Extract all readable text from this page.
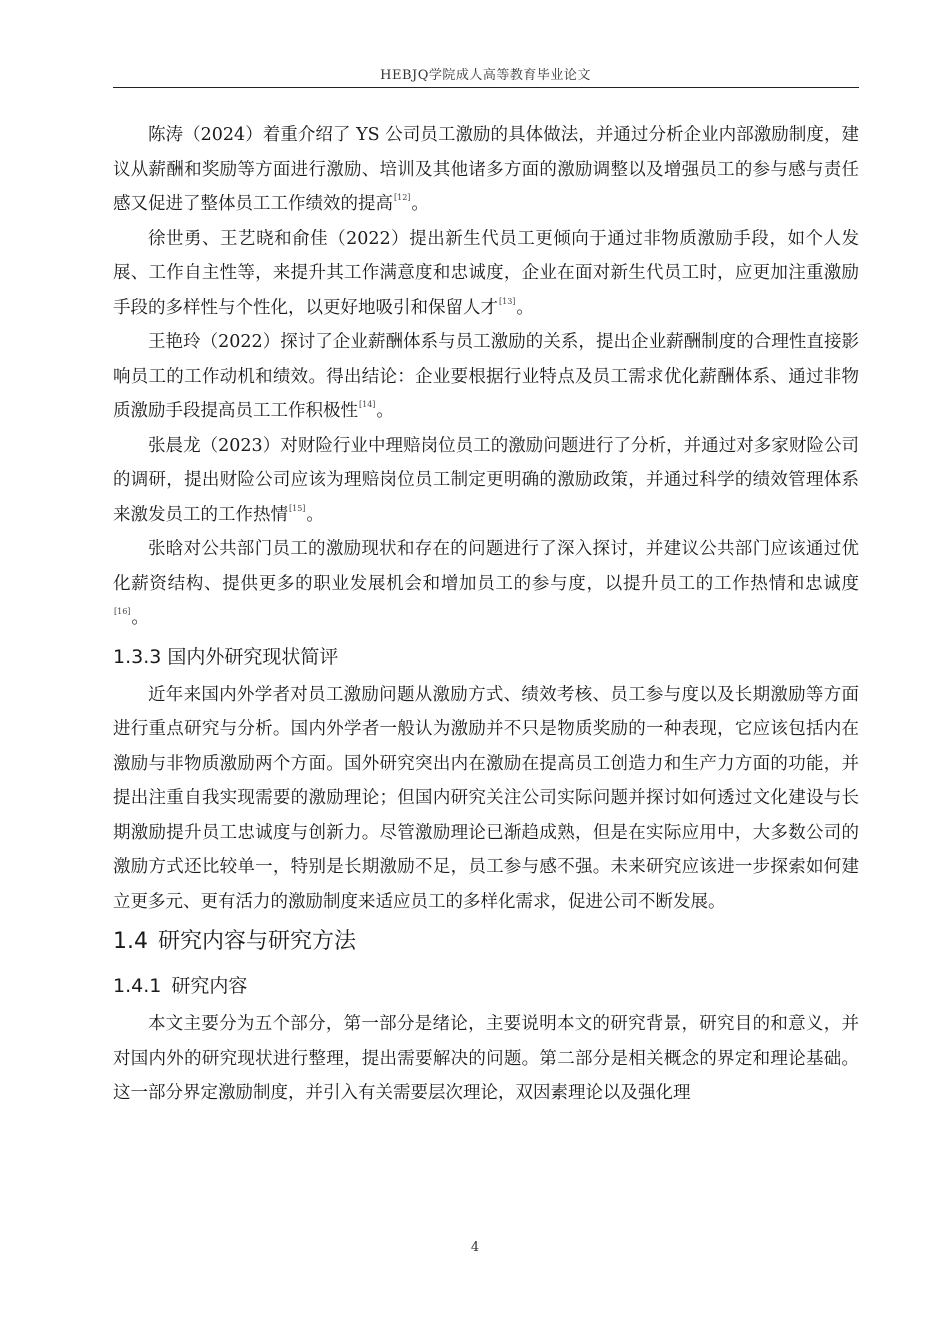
HEBJQ学院成人高等教育毕业论文

陈涛（2024）着重介绍了 YS 公司员工激励的具体做法，并通过分析企业内部激励制度，建议从薪酬和奖励等方面进行激励、培训及其他诸多方面的激励调整以及增强员工的参与感与责任感又促进了整体员工工作绩效的提高[12]。

徐世勇、王艺晓和俞佳（2022）提出新生代员工更倾向于通过非物质激励手段，如个人发展、工作自主性等，来提升其工作满意度和忠诚度，企业在面对新生代员工时，应更加注重激励手段的多样性与个性化，以更好地吸引和保留人才[13]。

王艳玲（2022）探讨了企业薪酬体系与员工激励的关系，提出企业薪酬制度的合理性直接影响员工的工作动机和绩效。得出结论：企业要根据行业特点及员工需求优化薪酬体系、通过非物质激励手段提高员工工作积极性[14]。

张晨龙（2023）对财险行业中理赔岗位员工的激励问题进行了分析，并通过对多家财险公司的调研，提出财险公司应该为理赔岗位员工制定更明确的激励政策，并通过科学的绩效管理体系来激发员工的工作热情[15]。

张晗对公共部门员工的激励现状和存在的问题进行了深入探讨，并建议公共部门应该通过优化薪资结构、提供更多的职业发展机会和增加员工的参与度，以提升员工的工作热情和忠诚度[16]。

1.3.3 国内外研究现状简评

近年来国内外学者对员工激励问题从激励方式、绩效考核、员工参与度以及长期激励等方面进行重点研究与分析。国内外学者一般认为激励并不只是物质奖励的一种表现，它应该包括内在激励与非物质激励两个方面。国外研究突出内在激励在提高员工创造力和生产力方面的功能，并提出注重自我实现需要的激励理论；但国内研究关注公司实际问题并探讨如何透过文化建设与长期激励提升员工忠诚度与创新力。尽管激励理论已渐趋成熟，但是在实际应用中，大多数公司的激励方式还比较单一，特别是长期激励不足，员工参与感不强。未来研究应该进一步探索如何建立更多元、更有活力的激励制度来适应员工的多样化需求，促进公司不断发展。

1.4 研究内容与研究方法
1.4.1 研究内容

本文主要分为五个部分，第一部分是绪论，主要说明本文的研究背景，研究目的和意义，并对国内外的研究现状进行整理，提出需要解决的问题。第二部分是相关概念的界定和理论基础。这一部分界定激励制度，并引入有关需要层次理论，双因素理论以及强化理

4
